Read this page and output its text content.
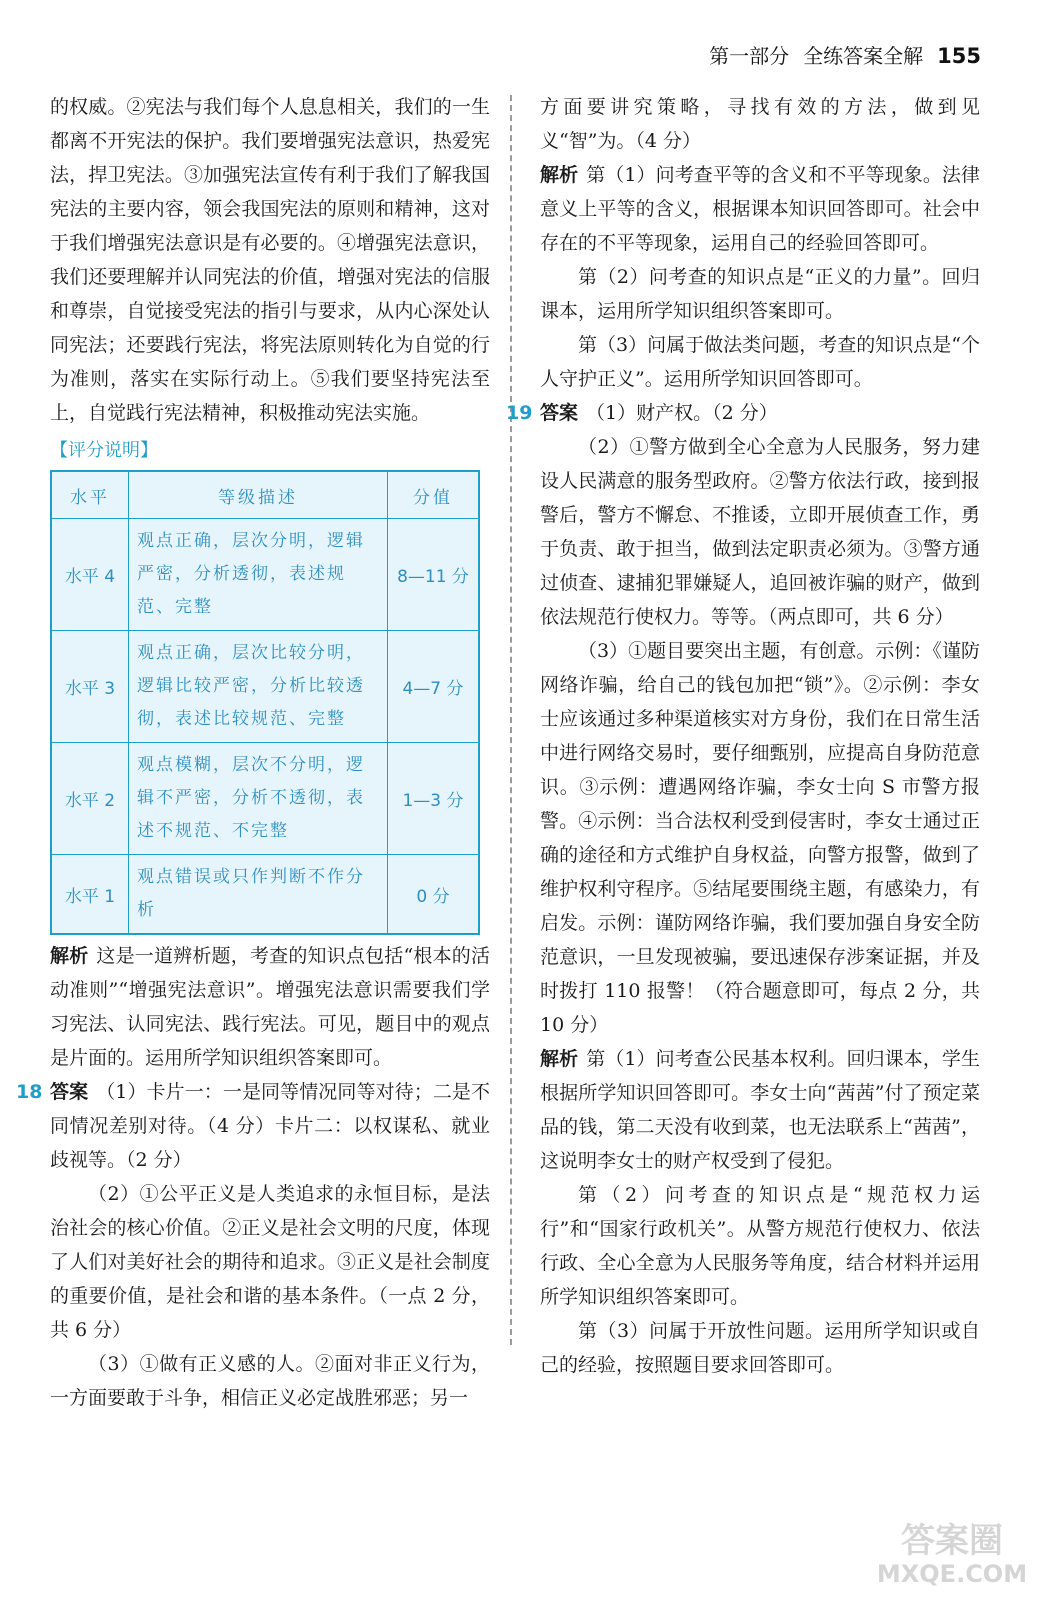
第一部分 全练答案全解 155

的权威。②宪法与我们每个人息息相关，我们的一生都离不开宪法的保护。我们要增强宪法意识，热爱宪法，捍卫宪法。③加强宪法宣传有利于我们了解我国宪法的主要内容，领会我国宪法的原则和精神，这对于我们增强宪法意识是有必要的。④增强宪法意识，我们还要理解并认同宪法的价值，增强对宪法的信服和尊崇，自觉接受宪法的指引与要求，从内心深处认同宪法；还要践行宪法，将宪法原则转化为自觉的行为准则，落实在实际行动上。⑤我们要坚持宪法至上，自觉践行宪法精神，积极推动宪法实施。

【评分说明】
水平	等级描述	分值
水平 4	观点正确，层次分明，逻辑严密，分析透彻，表述规范、完整	8—11 分
水平 3	观点正确，层次比较分明，逻辑比较严密，分析比较透彻，表述比较规范、完整	4—7 分
水平 2	观点模糊，层次不分明，逻辑不严密，分析不透彻，表述不规范、不完整	1—3 分
水平 1	观点错误或只作判断不作分析	0 分

解析 这是一道辨析题，考查的知识点包括“根本的活动准则”“增强宪法意识”。增强宪法意识需要我们学习宪法、认同宪法、践行宪法。可见，题目中的观点是片面的。运用所学知识组织答案即可。

18 答案 （1）卡片一：一是同等情况同等对待；二是不同情况差别对待。（4 分）卡片二：以权谋私、就业歧视等。（2 分）

（2）①公平正义是人类追求的永恒目标，是法治社会的核心价值。②正义是社会文明的尺度，体现了人们对美好社会的期待和追求。③正义是社会制度的重要价值，是社会和谐的基本条件。（一点 2 分，共 6 分）

（3）①做有正义感的人。②面对非正义行为，一方面要敢于斗争，相信正义必定战胜邪恶；另一

方面要讲究策略，寻找有效的方法，做到见义“智”为。（4 分）

解析 第（1）问考查平等的含义和不平等现象。法律意义上平等的含义，根据课本知识回答即可。社会中存在的不平等现象，运用自己的经验回答即可。

第（2）问考查的知识点是“正义的力量”。回归课本，运用所学知识组织答案即可。

第（3）问属于做法类问题，考查的知识点是“个人守护正义”。运用所学知识回答即可。

19 答案 （1）财产权。（2 分）

（2）①警方做到全心全意为人民服务，努力建设人民满意的服务型政府。②警方依法行政，接到报警后，警方不懈怠、不推诿，立即开展侦查工作，勇于负责、敢于担当，做到法定职责必须为。③警方通过侦查、逮捕犯罪嫌疑人，追回被诈骗的财产，做到依法规范行使权力。等等。（两点即可，共 6 分）

（3）①题目要突出主题，有创意。示例：《谨防网络诈骗，给自己的钱包加把“锁”》。②示例：李女士应该通过多种渠道核实对方身份，我们在日常生活中进行网络交易时，要仔细甄别，应提高自身防范意识。③示例：遭遇网络诈骗，李女士向 S 市警方报警。④示例：当合法权利受到侵害时，李女士通过正确的途径和方式维护自身权益，向警方报警，做到了维护权利守程序。⑤结尾要围绕主题，有感染力，有启发。示例：谨防网络诈骗，我们要加强自身安全防范意识，一旦发现被骗，要迅速保存涉案证据，并及时拨打 110 报警！（符合题意即可，每点 2 分，共 10 分）

解析 第（1）问考查公民基本权利。回归课本，学生根据所学知识回答即可。李女士向“茜茜”付了预定菜品的钱，第二天没有收到菜，也无法联系上“茜茜”，这说明李女士的财产权受到了侵犯。

第（2）问考查的知识点是“规范权力运行”和“国家行政机关”。从警方规范行使权力、依法行政、全心全意为人民服务等角度，结合材料并运用所学知识组织答案即可。

第（3）问属于开放性问题。运用所学知识或自己的经验，按照题目要求回答即可。

答案圈
MXQE.COM
